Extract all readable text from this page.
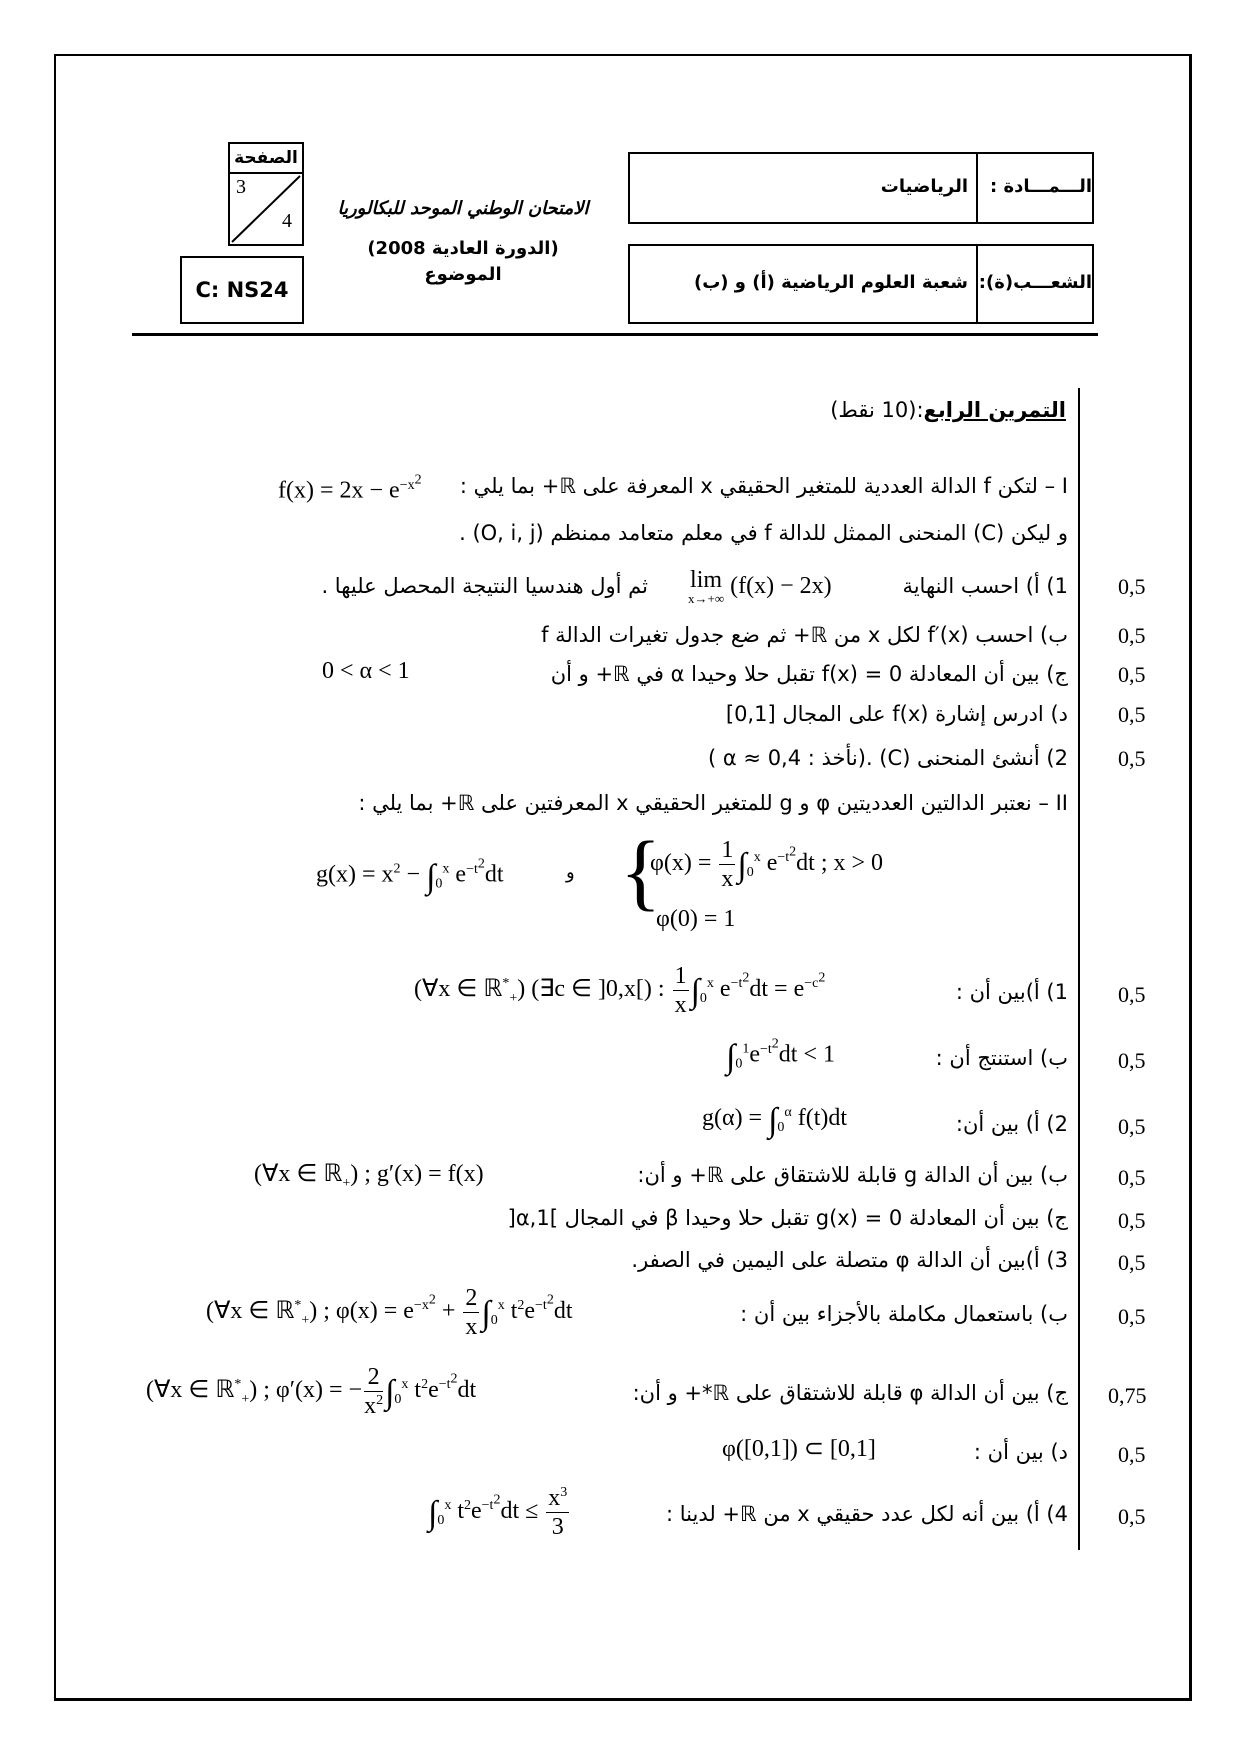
الصفحة
3
4
C: NS24
الامتحان الوطني الموحد للبكالوريا
(الدورة العادية 2008)
الموضوع
الـــمـــادة :
الرياضيات
الشعـــب(ة):
شعبة العلوم الرياضية (أ) و (ب)
التمرين الرابع:(10 نقط)
I – لتكن f الدالة العددية للمتغير الحقيقي x المعرفة على ℝ+ بما يلي :
$f(x) = 2x - e^{-x^2}$
و ليكن (C) المنحنى الممثل للدالة f في معلم متعامد ممنظم (O, i, j) .
1) أ) احسب النهاية
lim
x→+∞ (f(x) − 2x)
ثم أول هندسيا النتيجة المحصل عليها .
ب) احسب f′(x) لكل x من ℝ+ ثم ضع جدول تغيرات الدالة f
ج) بين أن المعادلة f(x) = 0 تقبل حلا وحيدا α في ℝ+ و أن
0 < α < 1
د) ادرس إشارة f(x) على المجال [0,1]
2) أنشئ المنحنى (C) .(نأخذ : α ≈ 0,4 )
II – نعتبر الدالتين العدديتين φ و g للمتغير الحقيقي x المعرفتين على ℝ+ بما يلي :
$g(x) = x^2 - \int_0^x$ $e^{-t^2}dt$	و {
$\varphi(x) = \frac{1}{x} \int_0^x$ $e^{-t^2}dt$ ; x > 0
φ(0) = 1
1) أ)بين أن :
(∀x ∈ ℝ*$_+$) (∃c ∈ ]0,x[) : $\frac{1}{x} \int_0^x$ $e^{-t^2}dt = e^{-c^2}$
ب) استنتج أن :
$\int_0^1e^{-t^2}dt < 1$
2) أ) بين أن:
$g(\alpha) = \int_0^\alpha$ f(t)dt
ب) بين أن الدالة g قابلة للاشتقاق على ℝ+ و أن:
(∀x ∈ ℝ$_+$) ; g′(x) = f(x)
ج) بين أن المعادلة g(x) = 0 تقبل حلا وحيدا β في المجال ]α,1[
3) أ)بين أن الدالة φ متصلة على اليمين في الصفر.
ب) باستعمال مكاملة بالأجزاء بين أن :
(∀x ∈ ℝ*$_+$) ; $\varphi(x) = e^{-x^2} + \frac{2}{x} \int_0^x$ $t^2e^{-t^2}dt$
ج) بين أن الدالة φ قابلة للاشتقاق على ℝ*+ و أن:
(∀x ∈ ℝ*$_+$) ; φ′(x) = − $\frac{2}{x^2} \int_0^x$ $t^2e^{-t^2}dt$
د) بين أن :
φ([0,1]) ⊂ [0,1]
4) أ) بين أنه لكل عدد حقيقي x من ℝ+ لدينا :
$\int_0^x$ $t^2e^{-t^2}dt \le \frac{x^3}{3}$
0,5
0,5
0,5
0,5
0,5
0,5
0,5
0,5
0,5
0,5
0,5
0,5
0,75
0,5
0,5
